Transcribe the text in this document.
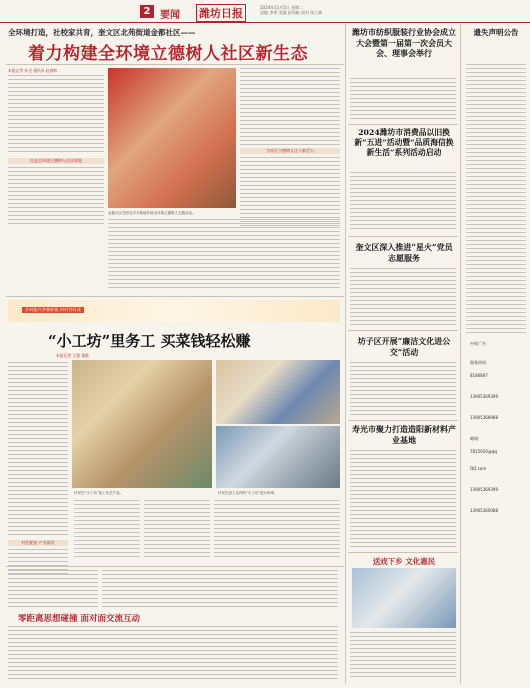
2 要闻 潍坊日报	2024年11月5日 星期二
责编 李勇 美编 彭海帆 校对 陈立新
全环境打造，社校家共育，奎文区北苑街道金都社区——
着力构建全环境立德树人社区新生态
本报记者 孙克 通讯员 赵春辉
打造全环境立德树人社区阵地
金都社区在阳光学习基地开展全环境立德树人主题活动。
为社区立德树人注入新活力
乡村振兴齐鲁样板 村村有好戏
“小工坊”里务工 买菜钱轻松赚
本报记者 王俊 董静
村民在“小工坊”加工布艺产品。	村民在加工室内的“小工坊”进行串串。
村在配套 产业富民
零距离思想碰撞 面对面交流互动
潍坊市纺织服装行业协会成立大会暨第一届第一次会员大会、理事会举行
2024潍坊市消费品以旧换新“五进”活动暨“品质海信换新生活”系列活动启动
奎文区深入推进“星火”党员志愿服务
坊子区开展“廉洁文化进公交”活动
寿光市聚力打造造阳新材料产业基地
送戏下乡 文化惠民
遗失声明公告
中视广告
服务热线：
8186867
13905369399
13905368988
邮箱：
7815920@qq
QQ.com
13905369399
13905360088
